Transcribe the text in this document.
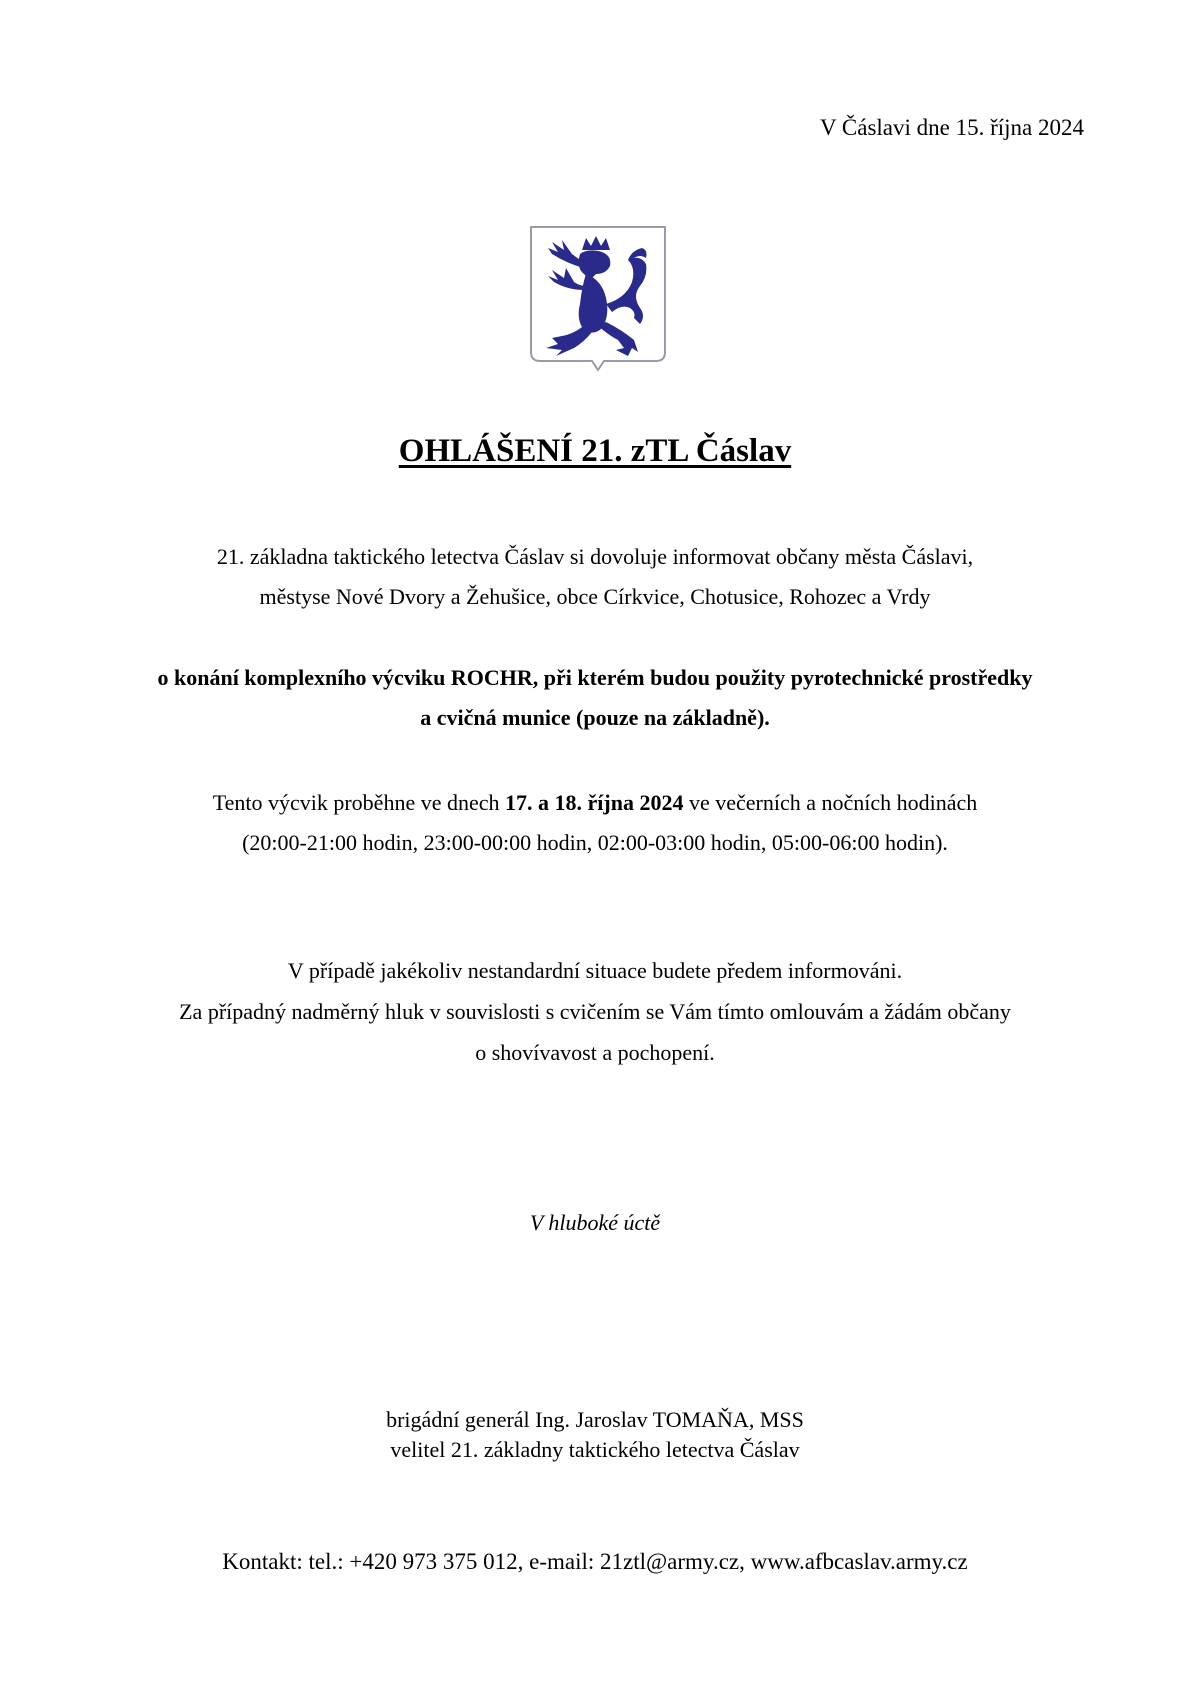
V Čáslavi dne 15. října 2024
OHLÁŠENÍ 21. zTL Čáslav

21. základna taktického letectva Čáslav si dovoluje informovat občany města Čáslavi,

městyse Nové Dvory a Žehušice, obce Církvice, Chotusice, Rohozec a Vrdy

o konání komplexního výcviku ROCHR, při kterém budou použity pyrotechnické prostředky

a cvičná munice (pouze na základně).

Tento výcvik proběhne ve dnech 17. a 18. října 2024 ve večerních a nočních hodinách

(20:00-21:00 hodin, 23:00-00:00 hodin, 02:00-03:00 hodin, 05:00-06:00 hodin).

V případě jakékoliv nestandardní situace budete předem informováni.

Za případný nadměrný hluk v souvislosti s cvičením se Vám tímto omlouvám a žádám občany

o shovívavost a pochopení.

V hluboké úctě

brigádní generál Ing. Jaroslav TOMAŇA, MSS

velitel 21. základny taktického letectva Čáslav

Kontakt: tel.: +420 973 375 012, e-mail: 21ztl@army.cz, www.afbcaslav.army.cz
